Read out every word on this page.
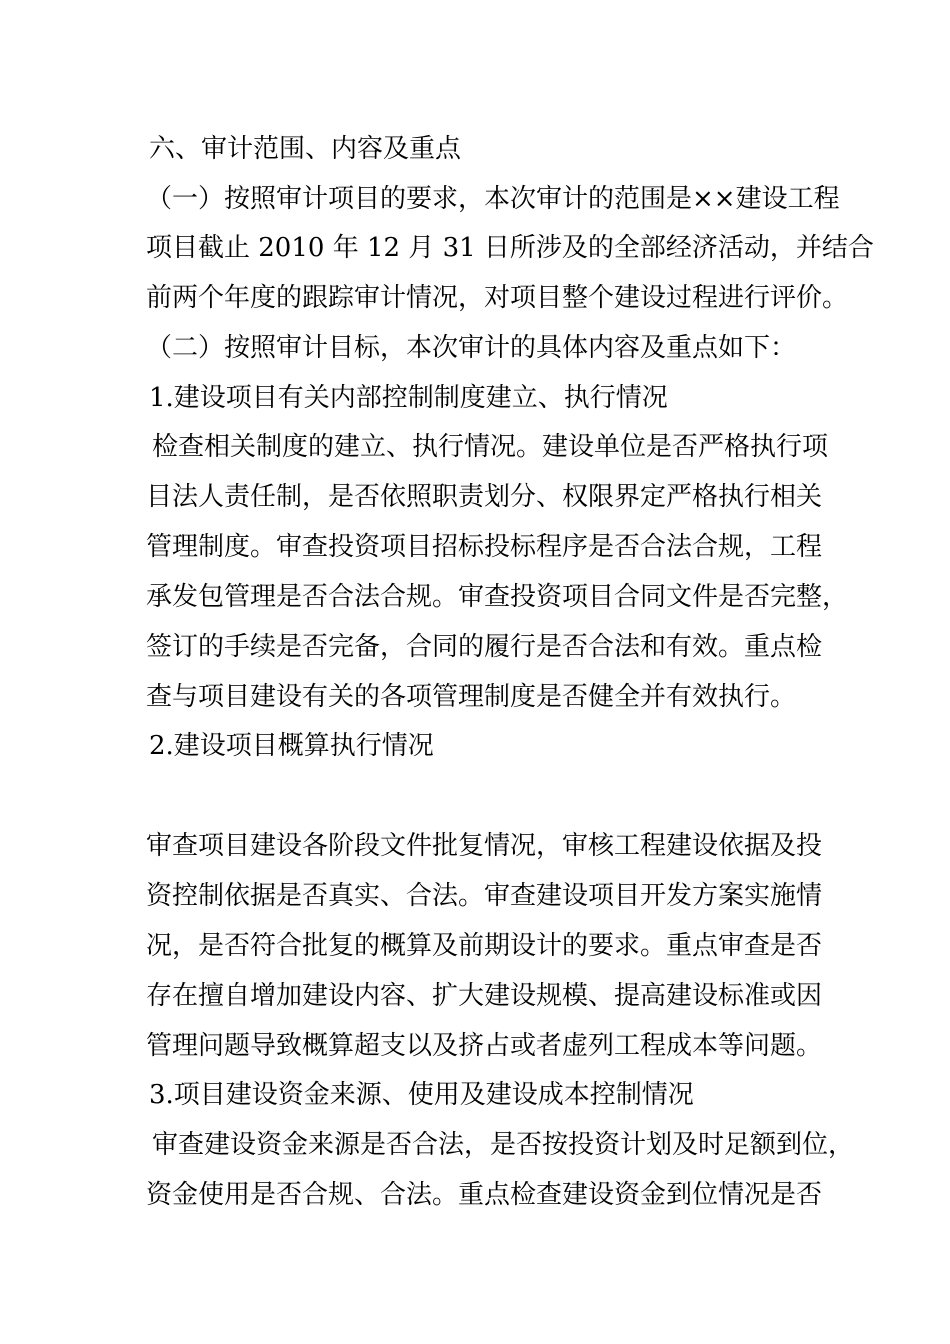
六、审计范围、内容及重点
（一）按照审计项目的要求，本次审计的范围是××建设工程
项目截止 2010 年 12 月 31 日所涉及的全部经济活动，并结合
前两个年度的跟踪审计情况，对项目整个建设过程进行评价。
（二）按照审计目标，本次审计的具体内容及重点如下：
1.建设项目有关内部控制制度建立、执行情况
检查相关制度的建立、执行情况。建设单位是否严格执行项
目法人责任制，是否依照职责划分、权限界定严格执行相关
管理制度。审查投资项目招标投标程序是否合法合规，工程
承发包管理是否合法合规。审查投资项目合同文件是否完整，
签订的手续是否完备，合同的履行是否合法和有效。重点检
查与项目建设有关的各项管理制度是否健全并有效执行。
2.建设项目概算执行情况
审查项目建设各阶段文件批复情况，审核工程建设依据及投
资控制依据是否真实、合法。审查建设项目开发方案实施情
况，是否符合批复的概算及前期设计的要求。重点审查是否
存在擅自增加建设内容、扩大建设规模、提高建设标准或因
管理问题导致概算超支以及挤占或者虚列工程成本等问题。
3.项目建设资金来源、使用及建设成本控制情况
审查建设资金来源是否合法，是否按投资计划及时足额到位，
资金使用是否合规、合法。重点检查建设资金到位情况是否
